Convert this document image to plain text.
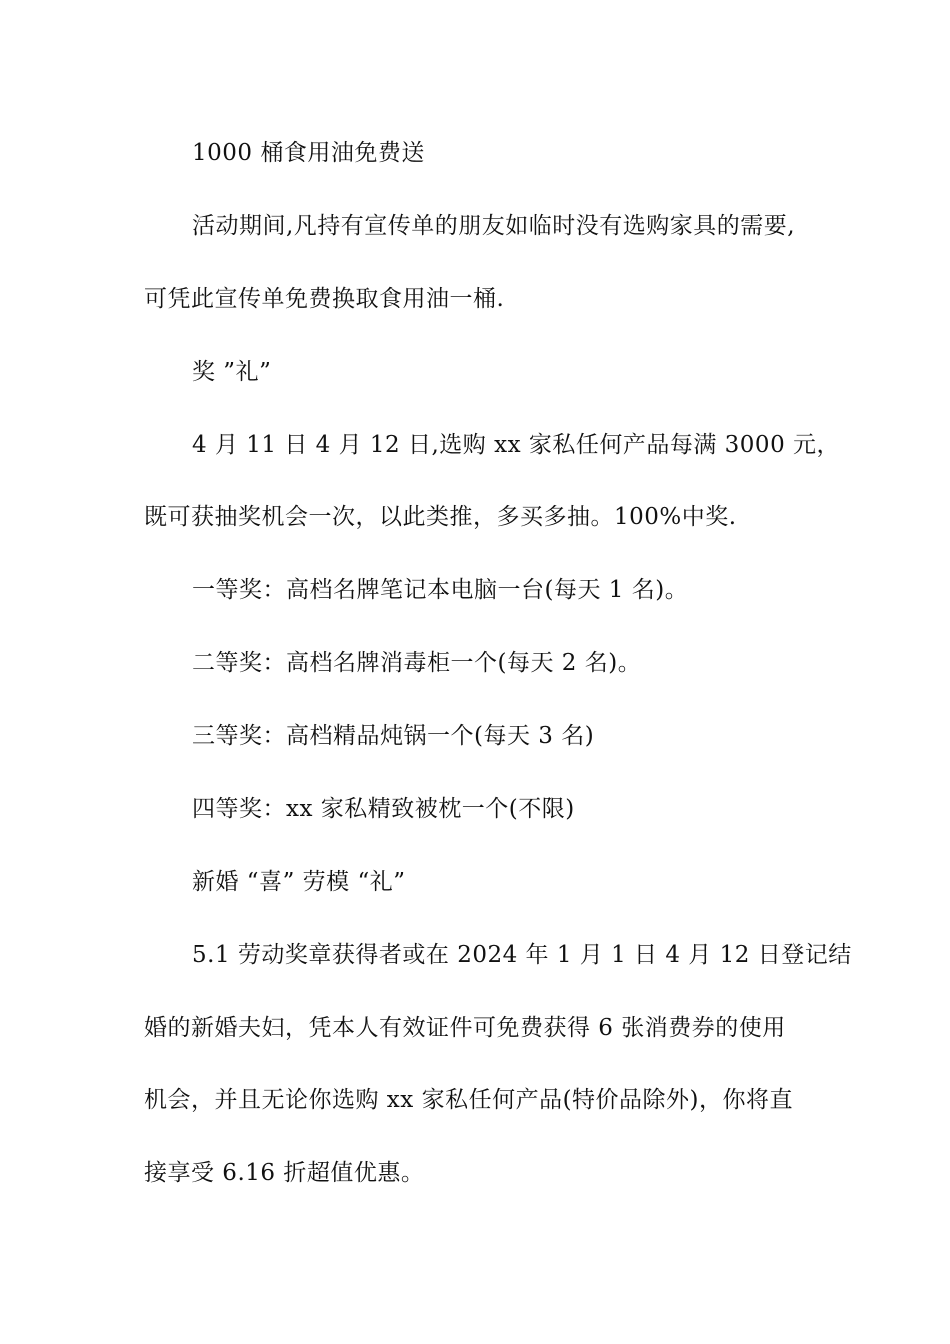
1000 桶食用油免费送
活动期间,凡持有宣传单的朋友如临时没有选购家具的需要,
可凭此宣传单免费换取食用油一桶.
奖 ”礼”
4 月 11 日 4 月 12 日,选购 xx 家私任何产品每满 3000 元，
既可获抽奖机会一次，以此类推，多买多抽。100%中奖.
一等奖：高档名牌笔记本电脑一台(每天 1 名)。
二等奖：高档名牌消毒柜一个(每天 2 名)。
三等奖：高档精品炖锅一个(每天 3 名)
四等奖：xx 家私精致被枕一个(不限)
新婚 “喜” 劳模 “礼”
5.1 劳动奖章获得者或在 2024 年 1 月 1 日 4 月 12 日登记结
婚的新婚夫妇，凭本人有效证件可免费获得 6 张消费券的使用
机会，并且无论你选购 xx 家私任何产品(特价品除外)，你将直
接享受 6.16 折超值优惠。
